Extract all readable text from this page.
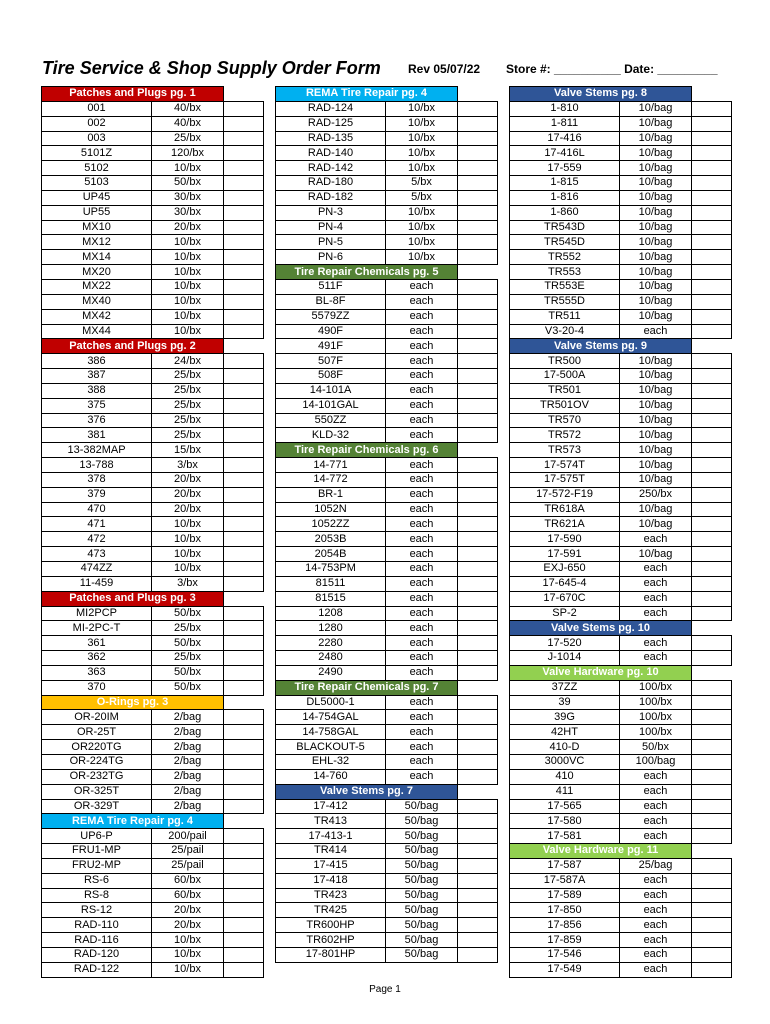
Tire Service & Shop Supply Order Form Rev 05/07/22 Store #: __________ Date: _________
Patches and Plugs pg. 1		
001	40/bx	
002	40/bx	
003	25/bx	
5101Z	120/bx	
5102	10/bx	
5103	50/bx	
UP45	30/bx	
UP55	30/bx	
MX10	20/bx	
MX12	10/bx	
MX14	10/bx	
MX20	10/bx	
MX22	10/bx	
MX40	10/bx	
MX42	10/bx	
MX44	10/bx	
Patches and Plugs pg. 2		
386	24/bx	
387	25/bx	
388	25/bx	
375	25/bx	
376	25/bx	
381	25/bx	
13-382MAP	15/bx	
13-788	3/bx	
378	20/bx	
379	20/bx	
470	20/bx	
471	10/bx	
472	10/bx	
473	10/bx	
474ZZ	10/bx	
11-459	3/bx	
Patches and Plugs pg. 3		
MI2PCP	50/bx	
MI-2PC-T	25/bx	
361	50/bx	
362	25/bx	
363	50/bx	
370	50/bx	
O-Rings pg. 3		
OR-20IM	2/bag	
OR-25T	2/bag	
OR220TG	2/bag	
OR-224TG	2/bag	
OR-232TG	2/bag	
OR-325T	2/bag	
OR-329T	2/bag	
REMA Tire Repair pg. 4		
UP6-P	200/pail	
FRU1-MP	25/pail	
FRU2-MP	25/pail	
RS-6	60/bx	
RS-8	60/bx	
RS-12	20/bx	
RAD-110	20/bx	
RAD-116	10/bx	
RAD-120	10/bx	
RAD-122	10/bx	
REMA Tire Repair pg. 4		
RAD-124	10/bx	
RAD-125	10/bx	
RAD-135	10/bx	
RAD-140	10/bx	
RAD-142	10/bx	
RAD-180	5/bx	
RAD-182	5/bx	
PN-3	10/bx	
PN-4	10/bx	
PN-5	10/bx	
PN-6	10/bx	
Tire Repair Chemicals pg. 5		
511F	each	
BL-8F	each	
5579ZZ	each	
490F	each	
491F	each	
507F	each	
508F	each	
14-101A	each	
14-101GAL	each	
550ZZ	each	
KLD-32	each	
Tire Repair Chemicals pg. 6		
14-771	each	
14-772	each	
BR-1	each	
1052N	each	
1052ZZ	each	
2053B	each	
2054B	each	
14-753PM	each	
81511	each	
81515	each	
1208	each	
1280	each	
2280	each	
2480	each	
2490	each	
Tire Repair Chemicals pg. 7		
DL5000-1	each	
14-754GAL	each	
14-758GAL	each	
BLACKOUT-5	each	
EHL-32	each	
14-760	each	
Valve Stems pg. 7		
17-412	50/bag	
TR413	50/bag	
17-413-1	50/bag	
TR414	50/bag	
17-415	50/bag	
17-418	50/bag	
TR423	50/bag	
TR425	50/bag	
TR600HP	50/bag	
TR602HP	50/bag	
17-801HP	50/bag	
Valve Stems pg. 8		
1-810	10/bag	
1-811	10/bag	
17-416	10/bag	
17-416L	10/bag	
17-559	10/bag	
1-815	10/bag	
1-816	10/bag	
1-860	10/bag	
TR543D	10/bag	
TR545D	10/bag	
TR552	10/bag	
TR553	10/bag	
TR553E	10/bag	
TR555D	10/bag	
TR511	10/bag	
V3-20-4	each	
Valve Stems pg. 9		
TR500	10/bag	
17-500A	10/bag	
TR501	10/bag	
TR501OV	10/bag	
TR570	10/bag	
TR572	10/bag	
TR573	10/bag	
17-574T	10/bag	
17-575T	10/bag	
17-572-F19	250/bx	
TR618A	10/bag	
TR621A	10/bag	
17-590	each	
17-591	10/bag	
EXJ-650	each	
17-645-4	each	
17-670C	each	
SP-2	each	
Valve Stems pg. 10		
17-520	each	
J-1014	each	
Valve Hardware pg. 10		
37ZZ	100/bx	
39	100/bx	
39G	100/bx	
42HT	100/bx	
410-D	50/bx	
3000VC	100/bag	
410	each	
411	each	
17-565	each	
17-580	each	
17-581	each	
Valve Hardware pg. 11		
17-587	25/bag	
17-587A	each	
17-589	each	
17-850	each	
17-856	each	
17-859	each	
17-546	each	
17-549	each	
Page 1
